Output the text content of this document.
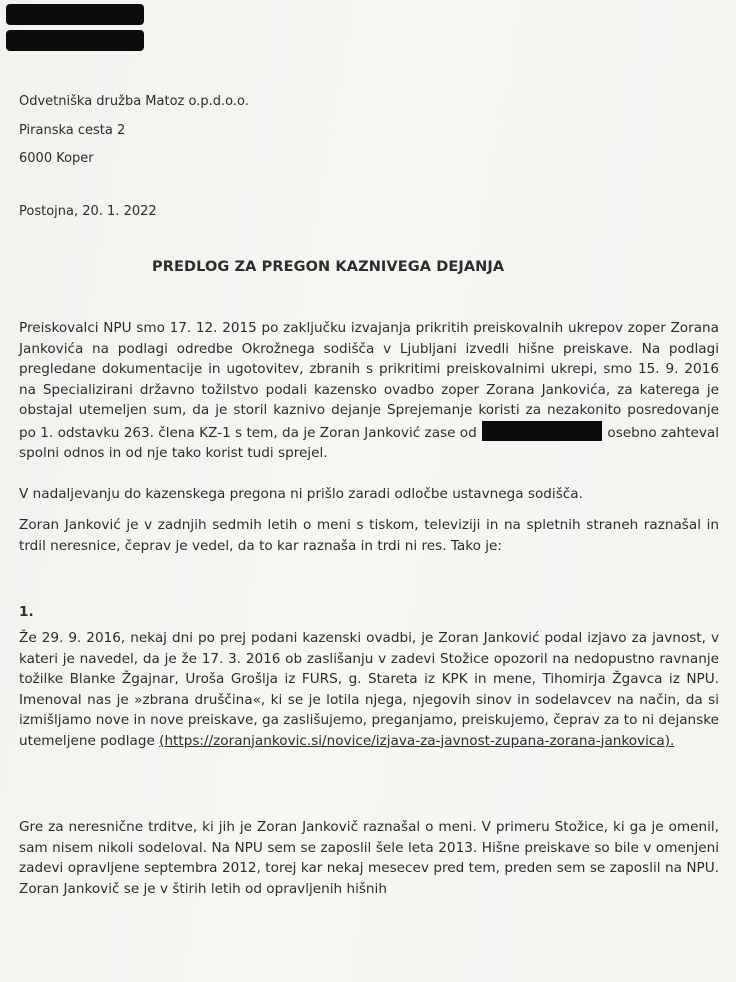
Odvetniška družba Matoz o.p.d.o.o.
Piranska cesta 2
6000 Koper
Postojna, 20. 1. 2022
PREDLOG ZA PREGON KAZNIVEGA DEJANJA
Preiskovalci NPU smo 17. 12. 2015 po zaključku izvajanja prikritih preiskovalnih ukrepov zoper Zorana Jankovića na podlagi odredbe Okrožnega sodišča v Ljubljani izvedli hišne preiskave. Na podlagi pregledane dokumentacije in ugotovitev, zbranih s prikritimi preiskovalnimi ukrepi, smo 15. 9. 2016 na Specializirani državno tožilstvo podali kazensko ovadbo zoper Zorana Jankovića, za katerega je obstajal utemeljen sum, da je storil kaznivo dejanje Sprejemanje koristi za nezakonito posredovanje po 1. odstavku 263. člena KZ-1 s tem, da je Zoran Janković zase od	osebno zahteval spolni odnos in od nje tako korist tudi sprejel.
V nadaljevanju do kazenskega pregona ni prišlo zaradi odločbe ustavnega sodišča.
Zoran Janković je v zadnjih sedmih letih o meni s tiskom, televiziji in na spletnih straneh raznašal in trdil neresnice, čeprav je vedel, da to kar raznaša in trdi ni res. Tako je:
1.
Že 29. 9. 2016, nekaj dni po prej podani kazenski ovadbi, je Zoran Janković podal izjavo za javnost, v kateri je navedel, da je že 17. 3. 2016 ob zaslišanju v zadevi Stožice opozoril na nedopustno ravnanje tožilke Blanke Žgajnar, Uroša Grošlja iz FURS, g. Stareta iz KPK in mene, Tihomirja Žgavca iz NPU. Imenoval nas je »zbrana druščina«, ki se je lotila njega, njegovih sinov in sodelavcev na način, da si izmišljamo nove in nove preiskave, ga zaslišujemo, preganjamo, preiskujemo, čeprav za to ni dejanske utemeljene podlage (https://zoranjankovic.si/novice/izjava-za-javnost-zupana-zorana-jankovica).
Gre za neresnične trditve, ki jih je Zoran Jankovič raznašal o meni. V primeru Stožice, ki ga je omenil, sam nisem nikoli sodeloval. Na NPU sem se zaposlil šele leta 2013. Hišne preiskave so bile v omenjeni zadevi opravljene septembra 2012, torej kar nekaj mesecev pred tem, preden sem se zaposlil na NPU. Zoran Jankovič se je v štirih letih od opravljenih hišnih
